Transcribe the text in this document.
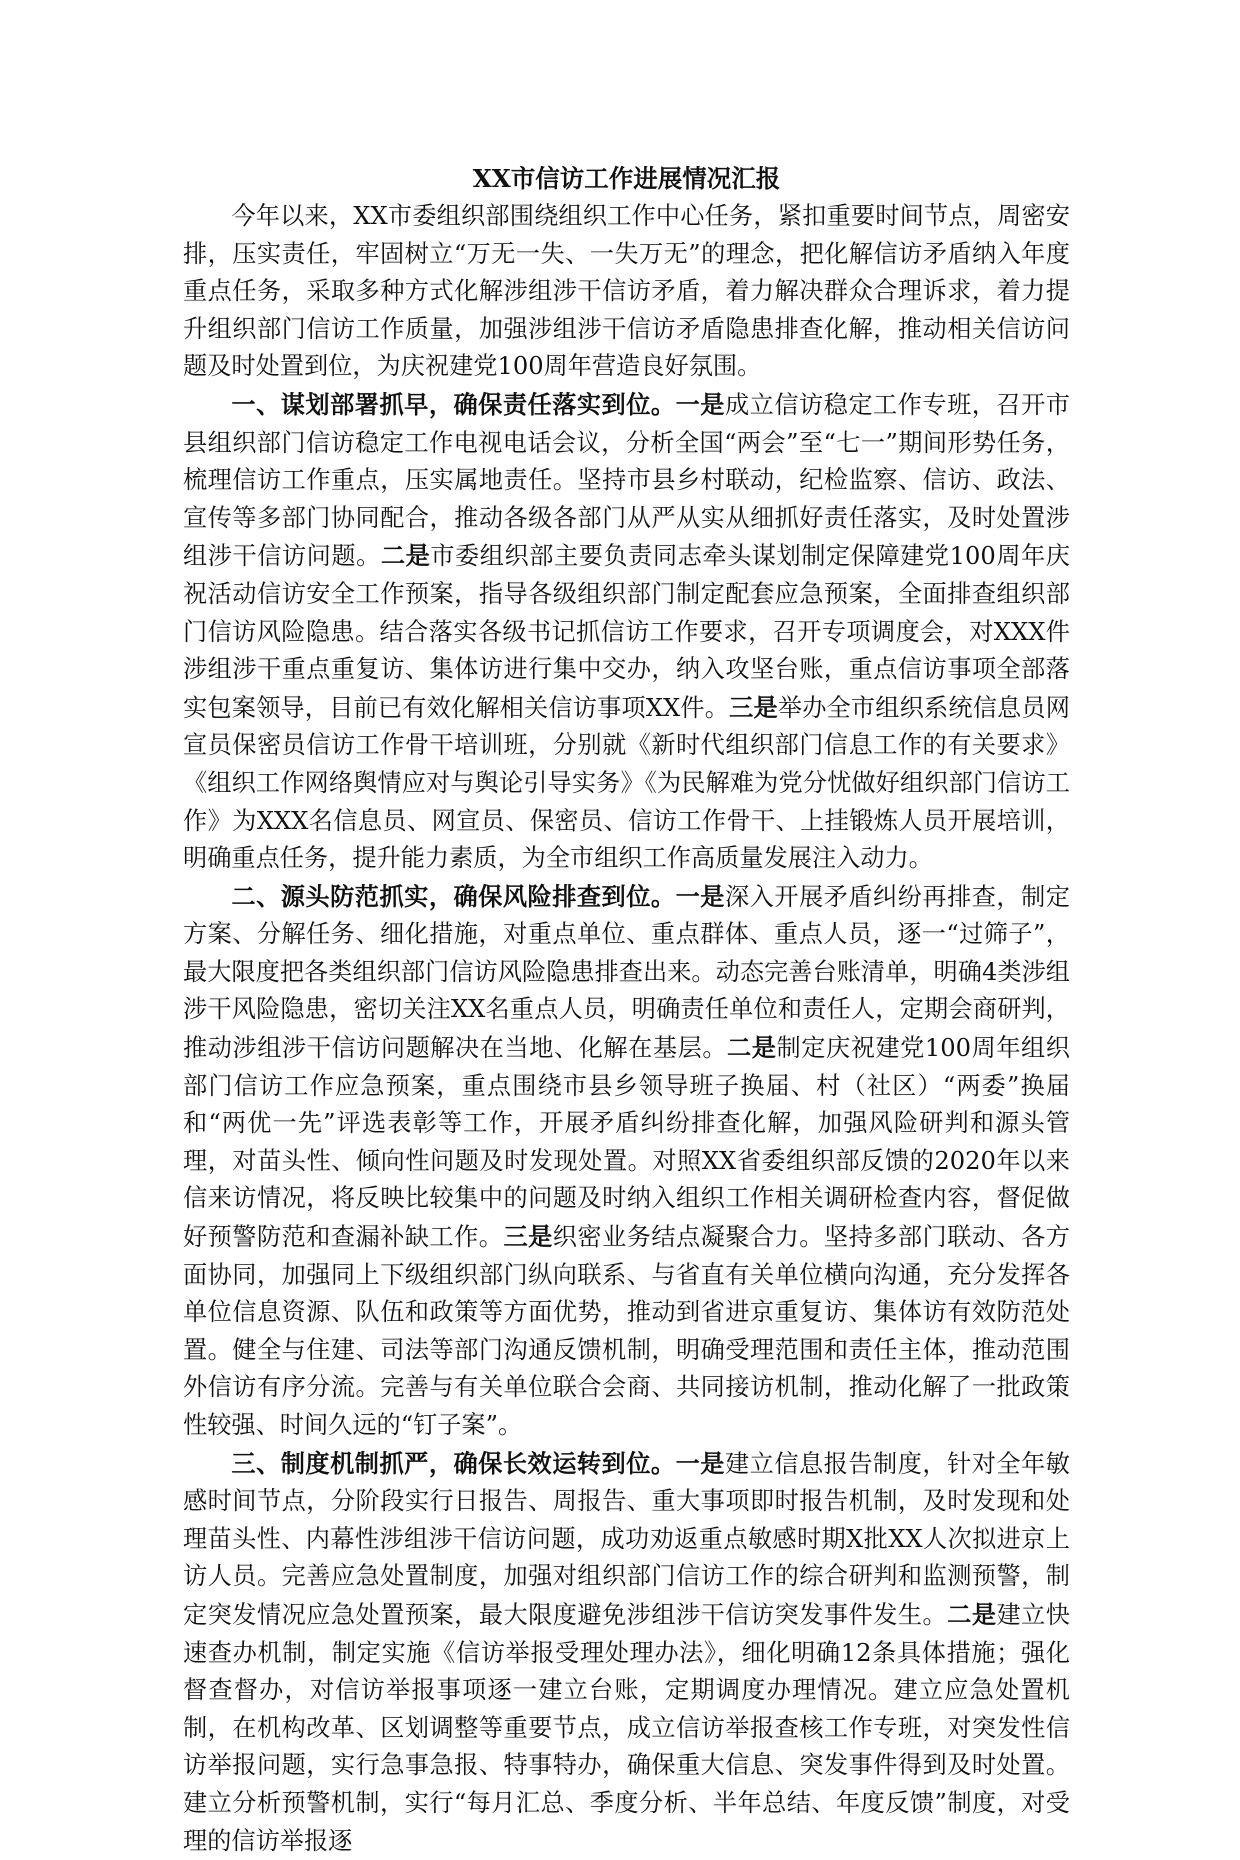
XX市信访工作进展情况汇报

今年以来，XX市委组织部围绕组织工作中心任务，紧扣重要时间节点，周密安排，压实责任，牢固树立“万无一失、一失万无”的理念，把化解信访矛盾纳入年度重点任务，采取多种方式化解涉组涉干信访矛盾，着力解决群众合理诉求，着力提升组织部门信访工作质量，加强涉组涉干信访矛盾隐患排查化解，推动相关信访问题及时处置到位，为庆祝建党100周年营造良好氛围。

一、谋划部署抓早，确保责任落实到位。一是成立信访稳定工作专班，召开市县组织部门信访稳定工作电视电话会议，分析全国“两会”至“七一”期间形势任务，梳理信访工作重点，压实属地责任。坚持市县乡村联动，纪检监察、信访、政法、宣传等多部门协同配合，推动各级各部门从严从实从细抓好责任落实，及时处置涉组涉干信访问题。二是市委组织部主要负责同志牵头谋划制定保障建党100周年庆祝活动信访安全工作预案，指导各级组织部门制定配套应急预案，全面排查组织部门信访风险隐患。结合落实各级书记抓信访工作要求，召开专项调度会，对XXX件涉组涉干重点重复访、集体访进行集中交办，纳入攻坚台账，重点信访事项全部落实包案领导，目前已有效化解相关信访事项XX件。三是举办全市组织系统信息员网宣员保密员信访工作骨干培训班，分别就《新时代组织部门信息工作的有关要求》《组织工作网络舆情应对与舆论引导实务》《为民解难为党分忧做好组织部门信访工作》为XXX名信息员、网宣员、保密员、信访工作骨干、上挂锻炼人员开展培训，明确重点任务，提升能力素质，为全市组织工作高质量发展注入动力。

二、源头防范抓实，确保风险排查到位。一是深入开展矛盾纠纷再排查，制定方案、分解任务、细化措施，对重点单位、重点群体、重点人员，逐一“过筛子”，最大限度把各类组织部门信访风险隐患排查出来。动态完善台账清单，明确4类涉组涉干风险隐患，密切关注XX名重点人员，明确责任单位和责任人，定期会商研判，推动涉组涉干信访问题解决在当地、化解在基层。二是制定庆祝建党100周年组织部门信访工作应急预案，重点围绕市县乡领导班子换届、村（社区）“两委”换届和“两优一先”评选表彰等工作，开展矛盾纠纷排查化解，加强风险研判和源头管理，对苗头性、倾向性问题及时发现处置。对照XX省委组织部反馈的2020年以来信来访情况，将反映比较集中的问题及时纳入组织工作相关调研检查内容，督促做好预警防范和查漏补缺工作。三是织密业务结点凝聚合力。坚持多部门联动、各方面协同，加强同上下级组织部门纵向联系、与省直有关单位横向沟通，充分发挥各单位信息资源、队伍和政策等方面优势，推动到省进京重复访、集体访有效防范处置。健全与住建、司法等部门沟通反馈机制，明确受理范围和责任主体，推动范围外信访有序分流。完善与有关单位联合会商、共同接访机制，推动化解了一批政策性较强、时间久远的“钉子案”。

三、制度机制抓严，确保长效运转到位。一是建立信息报告制度，针对全年敏感时间节点，分阶段实行日报告、周报告、重大事项即时报告机制，及时发现和处理苗头性、内幕性涉组涉干信访问题，成功劝返重点敏感时期X批XX人次拟进京上访人员。完善应急处置制度，加强对组织部门信访工作的综合研判和监测预警，制定突发情况应急处置预案，最大限度避免涉组涉干信访突发事件发生。二是建立快速查办机制，制定实施《信访举报受理处理办法》，细化明确12条具体措施；强化督查督办，对信访举报事项逐一建立台账，定期调度办理情况。建立应急处置机制，在机构改革、区划调整等重要节点，成立信访举报查核工作专班，对突发性信访举报问题，实行急事急报、特事特办，确保重大信息、突发事件得到及时处置。建立分析预警机制，实行“每月汇总、季度分析、半年总结、年度反馈”制度，对受理的信访举报逐
